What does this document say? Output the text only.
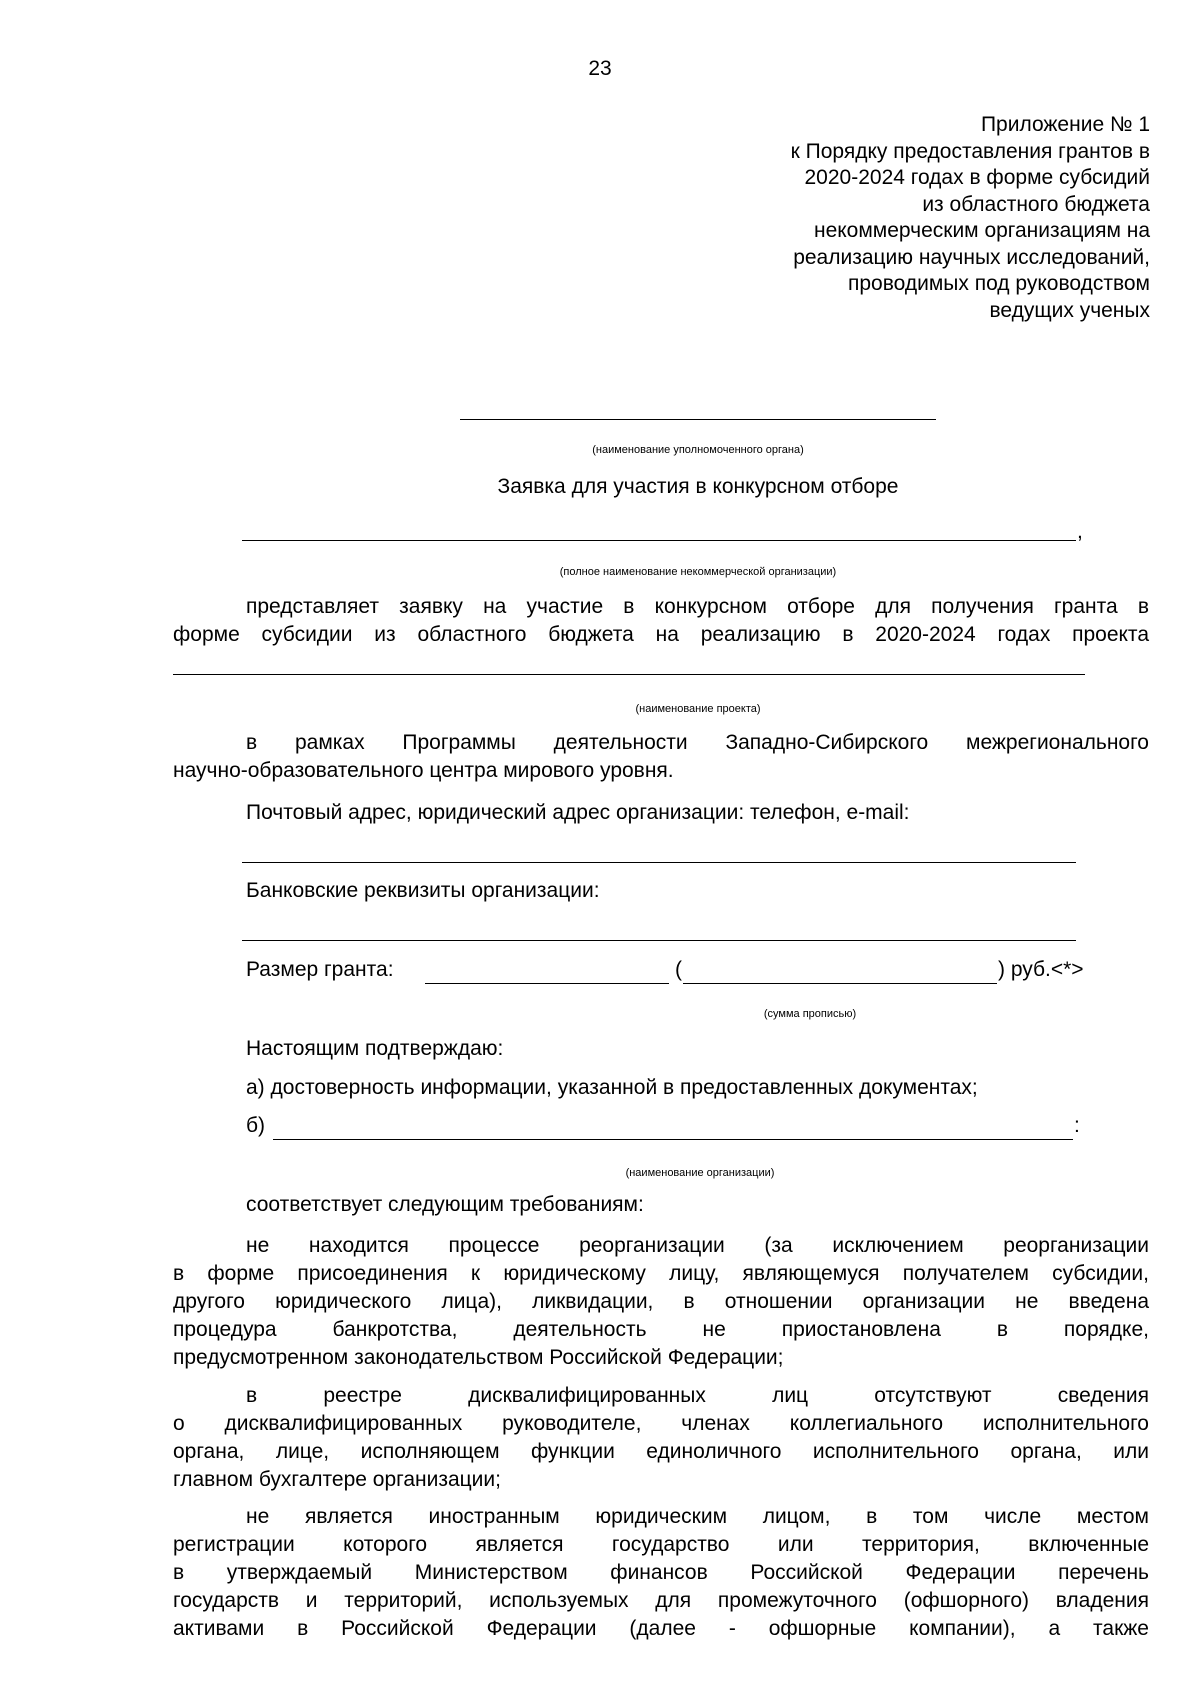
23
Приложение № 1
к Порядку предоставления грантов в
2020-2024 годах в форме субсидий
из областного бюджета
некоммерческим организациям на
реализацию научных исследований,
проводимых под руководством
ведущих ученых
(наименование уполномоченного органа)
Заявка для участия в конкурсном отборе
,
(полное наименование некоммерческой организации)
представляет заявку на участие в конкурсном отборе для получения гранта в
форме субсидии из областного бюджета на реализацию в 2020-2024 годах проекта
(наименование проекта)
в рамках Программы деятельности Западно-Сибирского межрегионального
научно-образовательного центра мирового уровня.
Почтовый адрес, юридический адрес организации: телефон, e-mail:
Банковские реквизиты организации:
Размер гранта:	(	) руб.<*>
(сумма прописью)
Настоящим подтверждаю:
а) достоверность информации, указанной в предоставленных документах;
б)	:
(наименование организации)
соответствует следующим требованиям:
не находится процессе реорганизации (за исключением реорганизации
в форме присоединения к юридическому лицу, являющемуся получателем субсидии,
другого юридического лица), ликвидации, в отношении организации не введена
процедура банкротства, деятельность не приостановлена в порядке,
предусмотренном законодательством Российской Федерации;
в реестре дисквалифицированных лиц отсутствуют сведения
о дисквалифицированных руководителе, членах коллегиального исполнительного
органа, лице, исполняющем функции единоличного исполнительного органа, или
главном бухгалтере организации;
не является иностранным юридическим лицом, в том числе местом
регистрации которого является государство или территория, включенные
в утверждаемый Министерством финансов Российской Федерации перечень
государств и территорий, используемых для промежуточного (офшорного) владения
активами в Российской Федерации (далее - офшорные компании), а также
